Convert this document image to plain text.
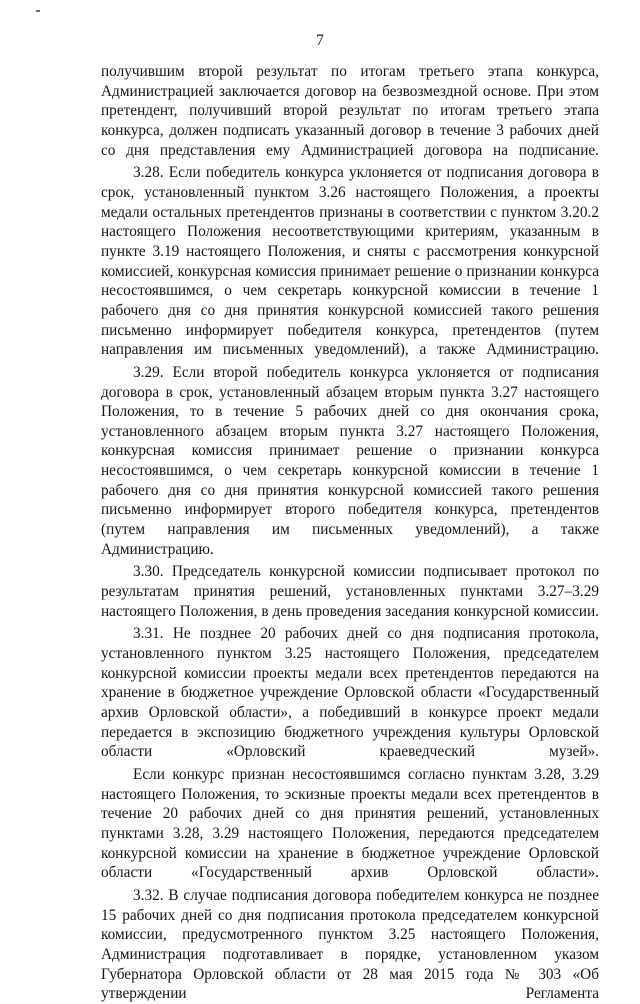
7

получившим второй результат по итогам третьего этапа конкурса, Администрацией заключается договор на безвозмездной основе. При этом претендент, получивший второй результат по итогам третьего этапа конкурса, должен подписать указанный договор в течение 3 рабочих дней со дня представления ему Администрацией договора на подписание.

3.28. Если победитель конкурса уклоняется от подписания договора в срок, установленный пунктом 3.26 настоящего Положения, а проекты медали остальных претендентов признаны в соответствии с пунктом 3.20.2 настоящего Положения несоответствующими критериям, указанным в пункте 3.19 настоящего Положения, и сняты с рассмотрения конкурсной комиссией, конкурсная комиссия принимает решение о признании конкурса несостоявшимся, о чем секретарь конкурсной комиссии в течение 1 рабочего дня со дня принятия конкурсной комиссией такого решения письменно информирует победителя конкурса, претендентов (путем направления им письменных уведомлений), а также Администрацию.

3.29. Если второй победитель конкурса уклоняется от подписания договора в срок, установленный абзацем вторым пункта 3.27 настоящего Положения, то в течение 5 рабочих дней со дня окончания срока, установленного абзацем вторым пункта 3.27 настоящего Положения, конкурсная комиссия принимает решение о признании конкурса несостоявшимся, о чем секретарь конкурсной комиссии в течение 1 рабочего дня со дня принятия конкурсной комиссией такого решения письменно информирует второго победителя конкурса, претендентов (путем направления им письменных уведомлений), а также Администрацию.

3.30. Председатель конкурсной комиссии подписывает протокол по результатам принятия решений, установленных пунктами 3.27–3.29 настоящего Положения, в день проведения заседания конкурсной комиссии.

3.31. Не позднее 20 рабочих дней со дня подписания протокола, установленного пунктом 3.25 настоящего Положения, председателем конкурсной комиссии проекты медали всех претендентов передаются на хранение в бюджетное учреждение Орловской области «Государственный архив Орловской области», а победивший в конкурсе проект медали передается в экспозицию бюджетного учреждения культуры Орловской области «Орловский краеведческий музей».

Если конкурс признан несостоявшимся согласно пунктам 3.28, 3.29 настоящего Положения, то эскизные проекты медали всех претендентов в течение 20 рабочих дней со дня принятия решений, установленных пунктами 3.28, 3.29 настоящего Положения, передаются председателем конкурсной комиссии на хранение в бюджетное учреждение Орловской области «Государственный архив Орловской области».

3.32. В случае подписания договора победителем конкурса не позднее 15 рабочих дней со дня подписания протокола председателем конкурсной комиссии, предусмотренного пунктом 3.25 настоящего Положения, Администрация подготавливает в порядке, установленном указом Губернатора Орловской области от 28 мая 2015 года № 303 «Об утверждении Регламента
